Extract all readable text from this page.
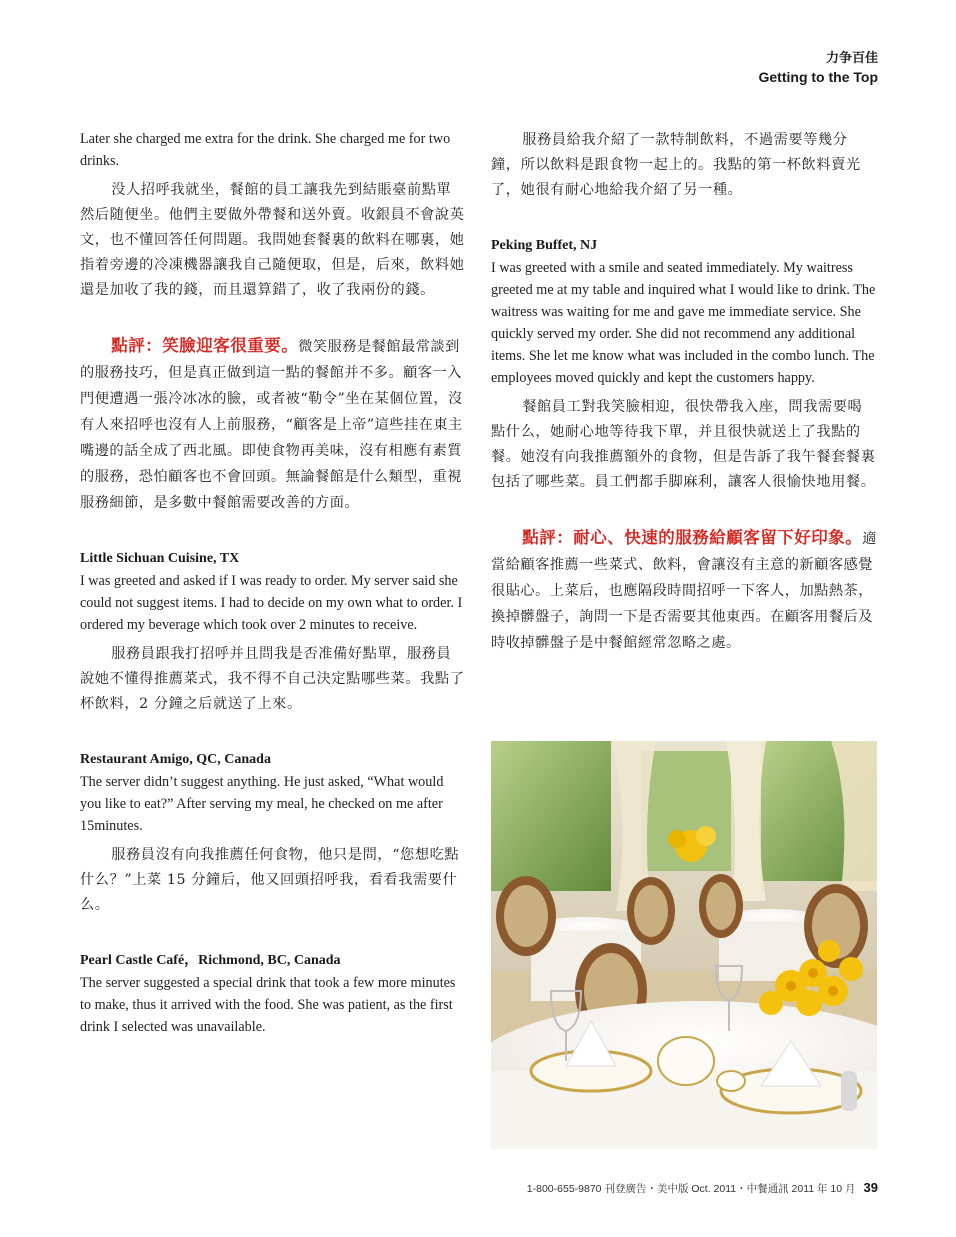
力争百佳
Getting to the Top

Later she charged me extra for the drink. She charged me for two drinks.

没人招呼我就坐，餐館的員工讓我先到結賬臺前點單然后随便坐。他們主要做外帶餐和送外賣。收銀員不會說英文，也不懂回答任何問題。我問她套餐裏的飲料在哪裏，她指着旁邊的冷凍機器讓我自己隨便取，但是，后來，飲料她還是加收了我的錢，而且還算錯了，收了我兩份的錢。

點評：笑臉迎客很重要。微笑服務是餐館最常談到的服務技巧，但是真正做到這一點的餐館并不多。顧客一入門便遭遇一張冷冰冰的臉，或者被“勒令”坐在某個位置，沒有人來招呼也沒有人上前服務，“顧客是上帝”這些挂在東主嘴邊的話全成了西北風。即使食物再美味，沒有相應有素質的服務，恐怕顧客也不會回頭。無論餐館是什么類型，重視服務細節，是多數中餐館需要改善的方面。

Little Sichuan Cuisine, TX

I was greeted and asked if I was ready to order. My server said she could not suggest items. I had to decide on my own what to order. I ordered my beverage which took over 2 minutes to receive.

服務員跟我打招呼并且問我是否准備好點單，服務員說她不懂得推薦菜式，我不得不自己決定點哪些菜。我點了杯飲料，2 分鐘之后就送了上來。

Restaurant Amigo, QC, Canada

The server didn’t suggest anything. He just asked, “What would you like to eat?” After serving my meal, he checked on me after 15minutes.

服務員沒有向我推薦任何食物，他只是問，“您想吃點什么？”上菜 15 分鐘后，他又回頭招呼我，看看我需要什么。

Pearl Castle Café，Richmond, BC, Canada

The server suggested a special drink that took a few more minutes to make, thus it arrived with the food. She was patient, as the first drink I selected was unavailable.

服務員給我介紹了一款特制飲料，不過需要等幾分鐘，所以飲料是跟食物一起上的。我點的第一杯飲料賣光了，她很有耐心地給我介紹了另一種。

Peking Buffet, NJ

I was greeted with a smile and seated immediately. My waitress greeted me at my table and inquired what I would like to drink. The waitress was waiting for me and gave me immediate service. She quickly served my order. She did not recommend any additional items. She let me know what was included in the combo lunch. The employees moved quickly and kept the customers happy.

餐館員工對我笑臉相迎，很快帶我入座，問我需要喝點什么，她耐心地等待我下單，并且很快就送上了我點的餐。她沒有向我推薦額外的食物，但是告訴了我午餐套餐裏包括了哪些菜。員工們都手脚麻利，讓客人很愉快地用餐。

點評：耐心、快速的服務給顧客留下好印象。適當給顧客推薦一些菜式、飲料，會讓沒有主意的新顧客感覺很貼心。上菜后，也應隔段時間招呼一下客人，加點熱茶，換掉髒盤子，詢問一下是否需要其他東西。在顧客用餐后及時收掉髒盤子是中餐館經常忽略之處。

1-800-655-9870 刊登廣告・美中版 Oct. 2011・中餐通訊 2011 年 10 月 39
